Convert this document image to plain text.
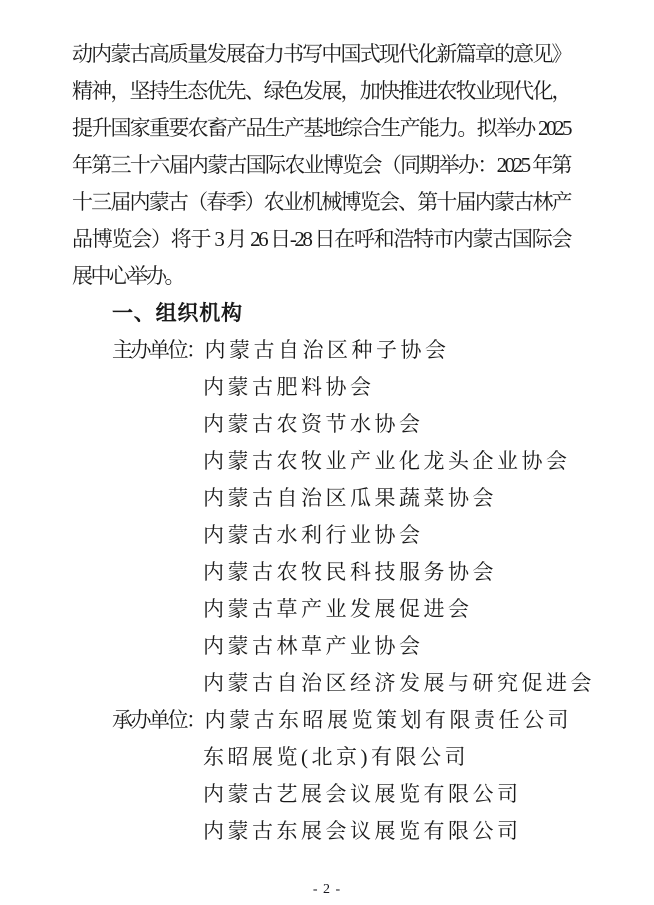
动内蒙古高质量发展奋力书写中国式现代化新篇章的意见》

精神，坚持生态优先、绿色发展，加快推进农牧业现代化，

提升国家重要农畜产品生产基地综合生产能力。拟举办 2025

年第三十六届内蒙古国际农业博览会（同期举办：2025 年第

十三届内蒙古（春季）农业机械博览会、第十届内蒙古林产

品博览会）将于 3 月 26 日-28 日在呼和浩特市内蒙古国际会

展中心举办。

一、组织机构
主办单位： 内蒙古自治区种子协会
内蒙古肥料协会
内蒙古农资节水协会
内蒙古农牧业产业化龙头企业协会
内蒙古自治区瓜果蔬菜协会
内蒙古水利行业协会
内蒙古农牧民科技服务协会
内蒙古草产业发展促进会
内蒙古林草产业协会
内蒙古自治区经济发展与研究促进会
承办单位： 内蒙古东昭展览策划有限责任公司
东昭展览(北京)有限公司
内蒙古艺展会议展览有限公司
内蒙古东展会议展览有限公司
- 2 -
